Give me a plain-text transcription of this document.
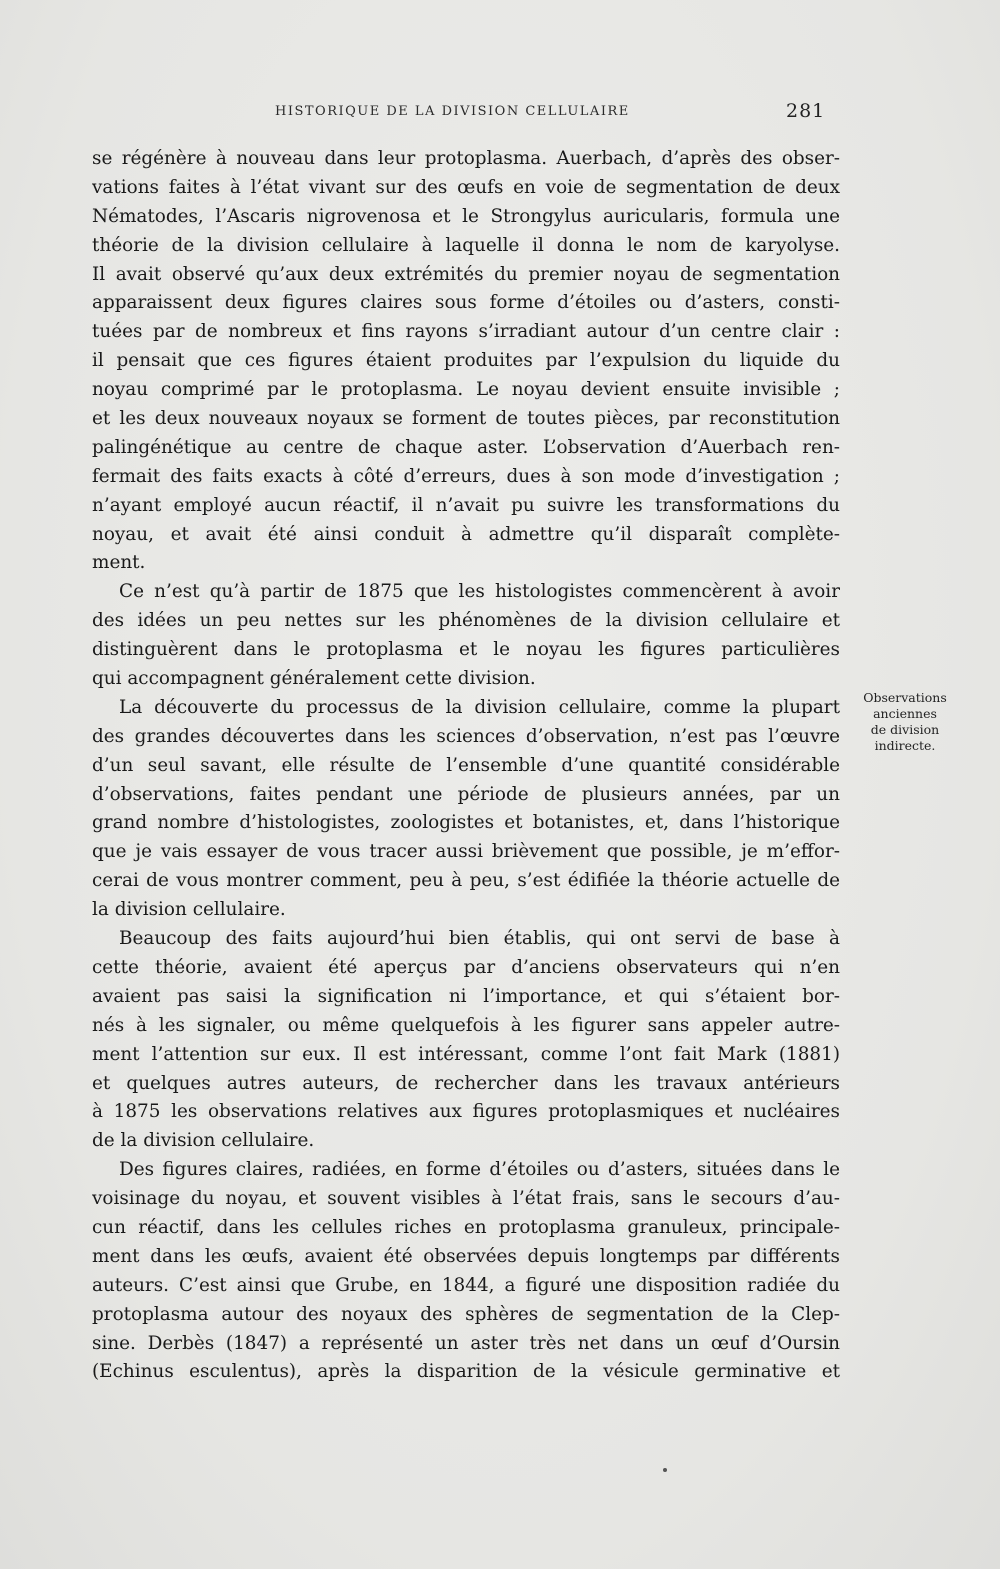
HISTORIQUE DE LA DIVISION CELLULAIRE	281
se régénère à nouveau dans leur protoplasma. Auerbach, d’après des obser-
vations faites à l’état vivant sur des œufs en voie de segmentation de deux
Nématodes, l’Ascaris nigrovenosa et le Strongylus auricularis, formula une
théorie de la division cellulaire à laquelle il donna le nom de karyolyse.
Il avait observé qu’aux deux extrémités du premier noyau de segmentation
apparaissent deux figures claires sous forme d’étoiles ou d’asters, consti-
tuées par de nombreux et fins rayons s’irradiant autour d’un centre clair :
il pensait que ces figures étaient produites par l’expulsion du liquide du
noyau comprimé par le protoplasma. Le noyau devient ensuite invisible ;
et les deux nouveaux noyaux se forment de toutes pièces, par reconstitution
palingénétique au centre de chaque aster. L’observation d’Auerbach ren-
fermait des faits exacts à côté d’erreurs, dues à son mode d’investigation ;
n’ayant employé aucun réactif, il n’avait pu suivre les transformations du
noyau, et avait été ainsi conduit à admettre qu’il disparaît complète-
ment.
Ce n’est qu’à partir de 1875 que les histologistes commencèrent à avoir
des idées un peu nettes sur les phénomènes de la division cellulaire et
distinguèrent dans le protoplasma et le noyau les figures particulières
qui accompagnent généralement cette division.
La découverte du processus de la division cellulaire, comme la plupart
des grandes découvertes dans les sciences d’observation, n’est pas l’œuvre
d’un seul savant, elle résulte de l’ensemble d’une quantité considérable
d’observations, faites pendant une période de plusieurs années, par un
grand nombre d’histologistes, zoologistes et botanistes, et, dans l’historique
que je vais essayer de vous tracer aussi brièvement que possible, je m’effor-
cerai de vous montrer comment, peu à peu, s’est édifiée la théorie actuelle de
la division cellulaire.
Beaucoup des faits aujourd’hui bien établis, qui ont servi de base à
cette théorie, avaient été aperçus par d’anciens observateurs qui n’en
avaient pas saisi la signification ni l’importance, et qui s’étaient bor-
nés à les signaler, ou même quelquefois à les figurer sans appeler autre-
ment l’attention sur eux. Il est intéressant, comme l’ont fait Mark (1881)
et quelques autres auteurs, de rechercher dans les travaux antérieurs
à 1875 les observations relatives aux figures protoplasmiques et nucléaires
de la division cellulaire.
Des figures claires, radiées, en forme d’étoiles ou d’asters, situées dans le
voisinage du noyau, et souvent visibles à l’état frais, sans le secours d’au-
cun réactif, dans les cellules riches en protoplasma granuleux, principale-
ment dans les œufs, avaient été observées depuis longtemps par différents
auteurs. C’est ainsi que Grube, en 1844, a figuré une disposition radiée du
protoplasma autour des noyaux des sphères de segmentation de la Clep-
sine. Derbès (1847) a représenté un aster très net dans un œuf d’Oursin
(Echinus esculentus), après la disparition de la vésicule germinative et
Observations
anciennes
de division
indirecte.
